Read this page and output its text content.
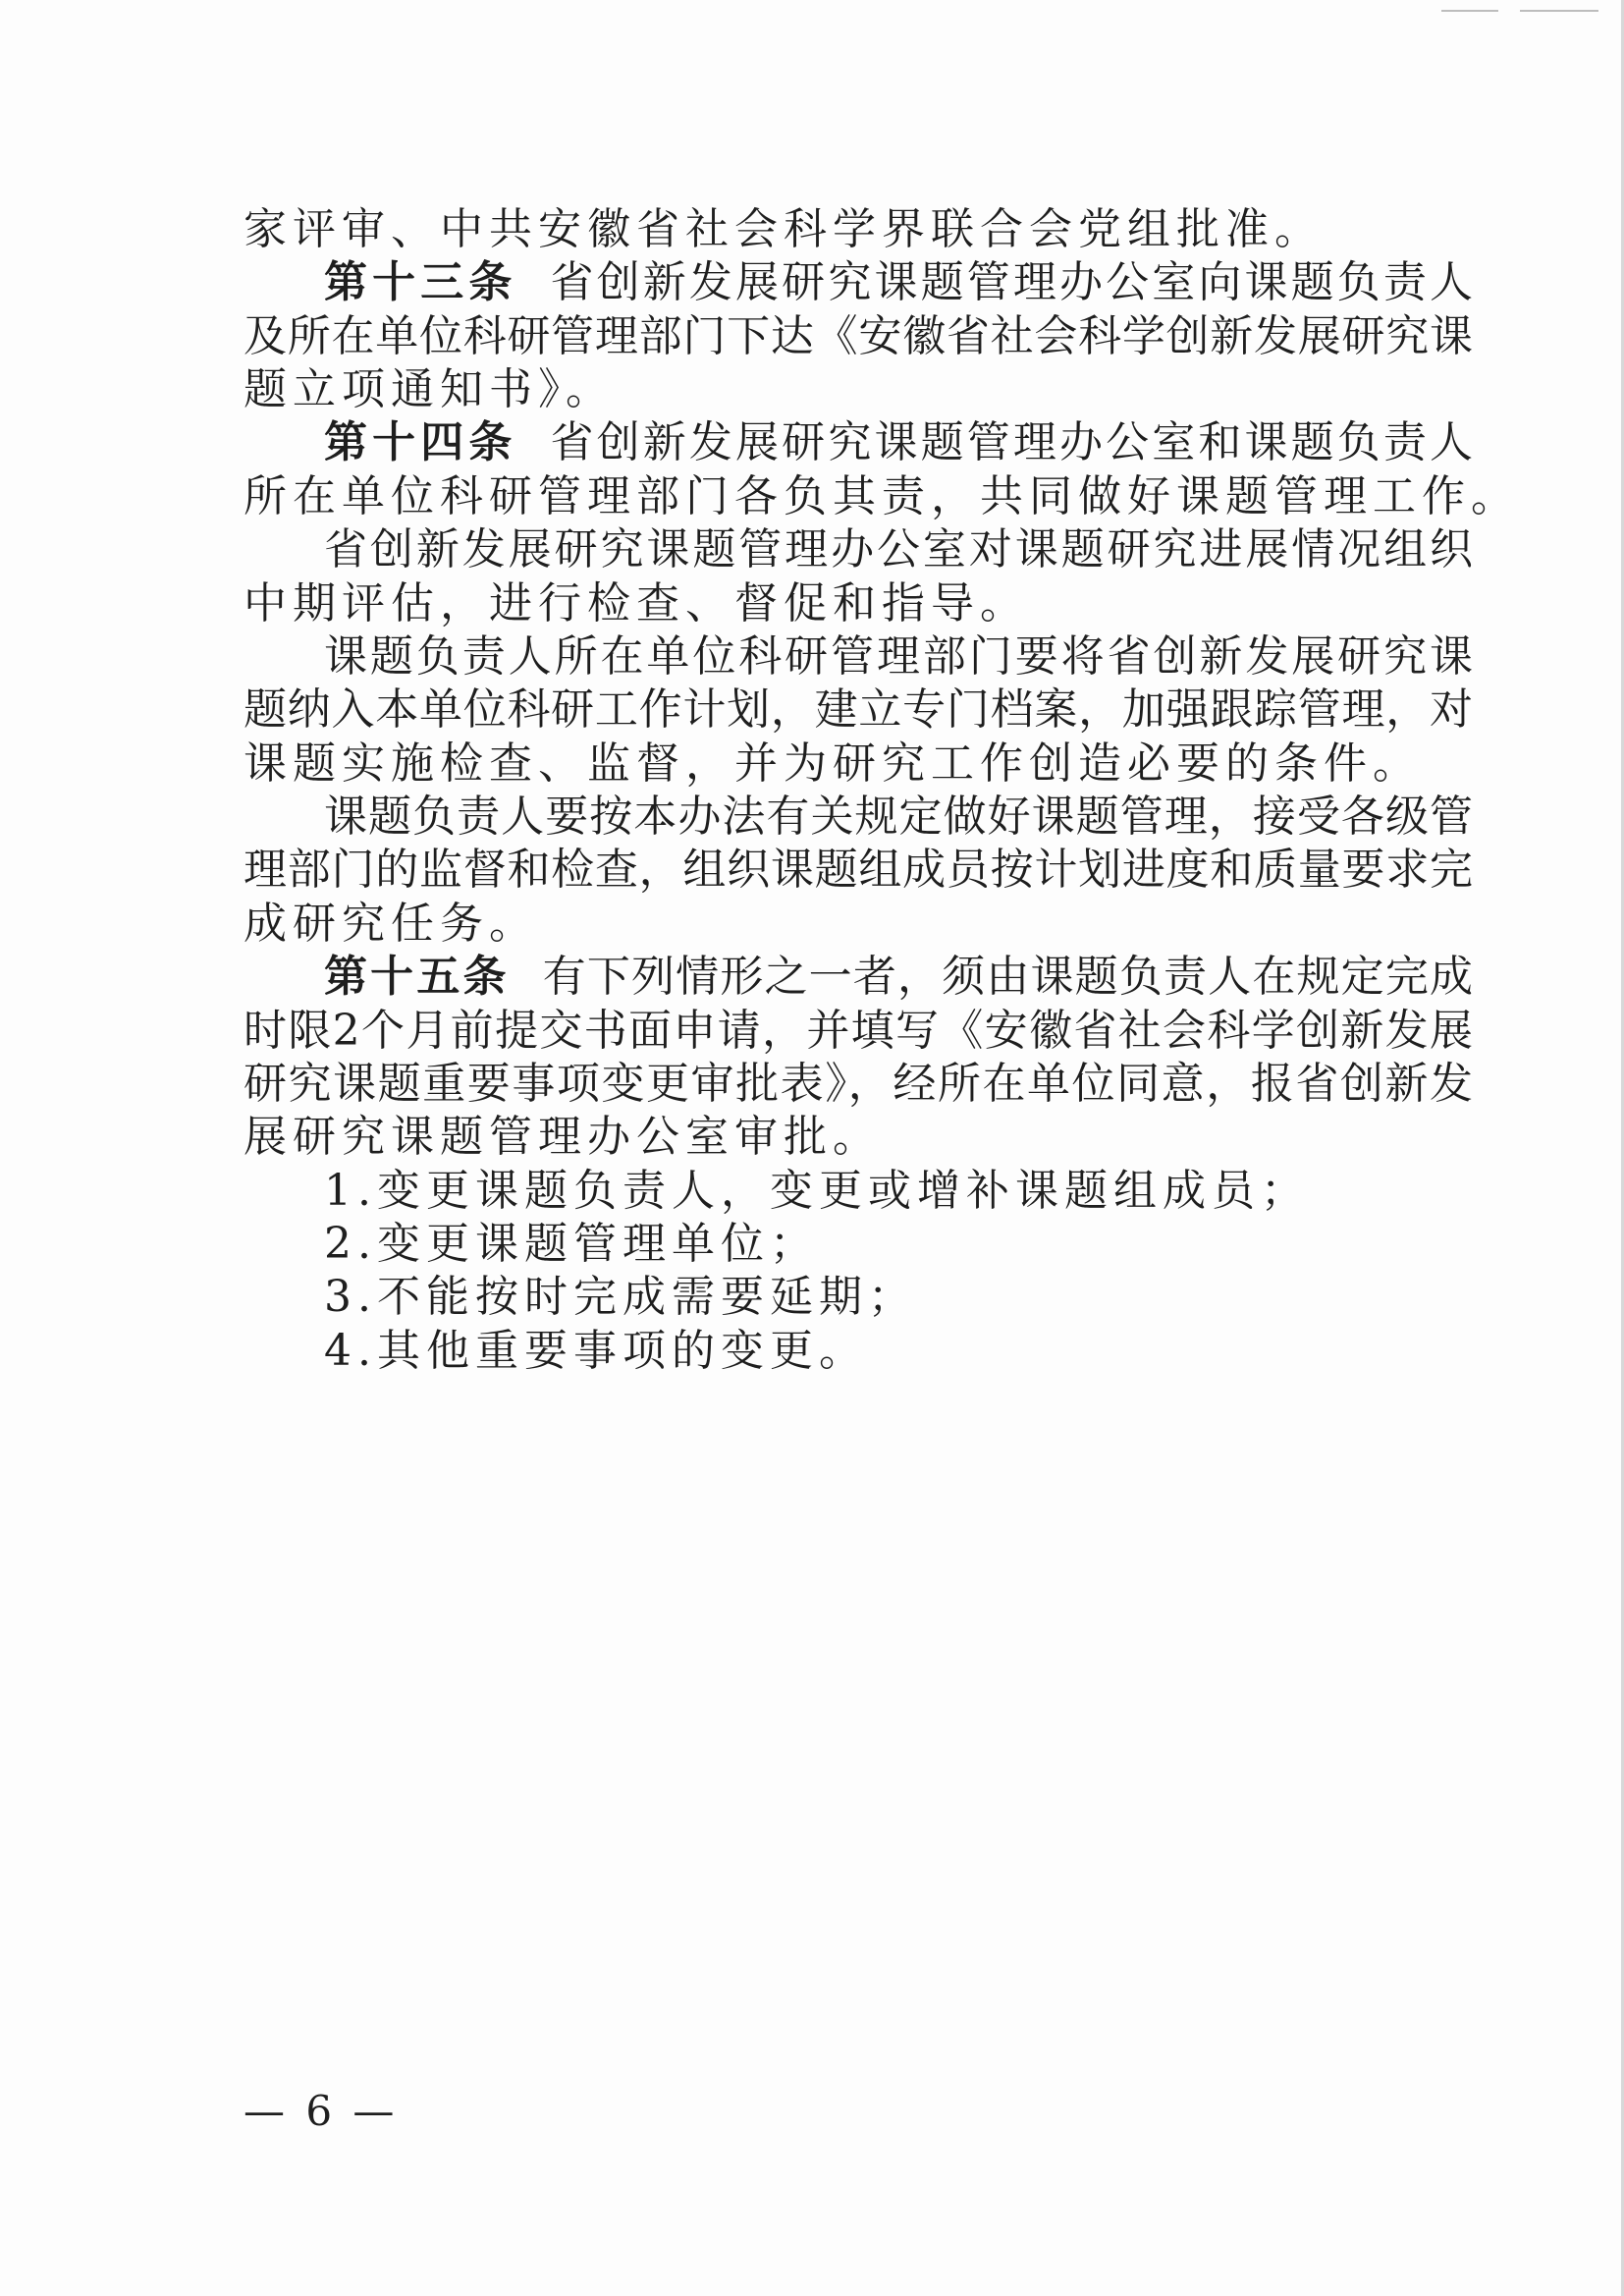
家评审、中共安徽省社会科学界联合会党组批准。
第十三条 省创新发展研究课题管理办公室向课题负责人
及所在单位科研管理部门下达《安徽省社会科学创新发展研究课
题立项通知书》。
第十四条 省创新发展研究课题管理办公室和课题负责人
所在单位科研管理部门各负其责，共同做好课题管理工作。
省创新发展研究课题管理办公室对课题研究进展情况组织
中期评估，进行检查、督促和指导。
课题负责人所在单位科研管理部门要将省创新发展研究课
题纳入本单位科研工作计划，建立专门档案，加强跟踪管理，对
课题实施检查、监督，并为研究工作创造必要的条件。
课题负责人要按本办法有关规定做好课题管理，接受各级管
理部门的监督和检查，组织课题组成员按计划进度和质量要求完
成研究任务。
第十五条 有下列情形之一者，须由课题负责人在规定完成
时限2个月前提交书面申请，并填写《安徽省社会科学创新发展
研究课题重要事项变更审批表》，经所在单位同意，报省创新发
展研究课题管理办公室审批。
1.变更课题负责人，变更或增补课题组成员；
2.变更课题管理单位；
3.不能按时完成需要延期；
4.其他重要事项的变更。
— 6 —
